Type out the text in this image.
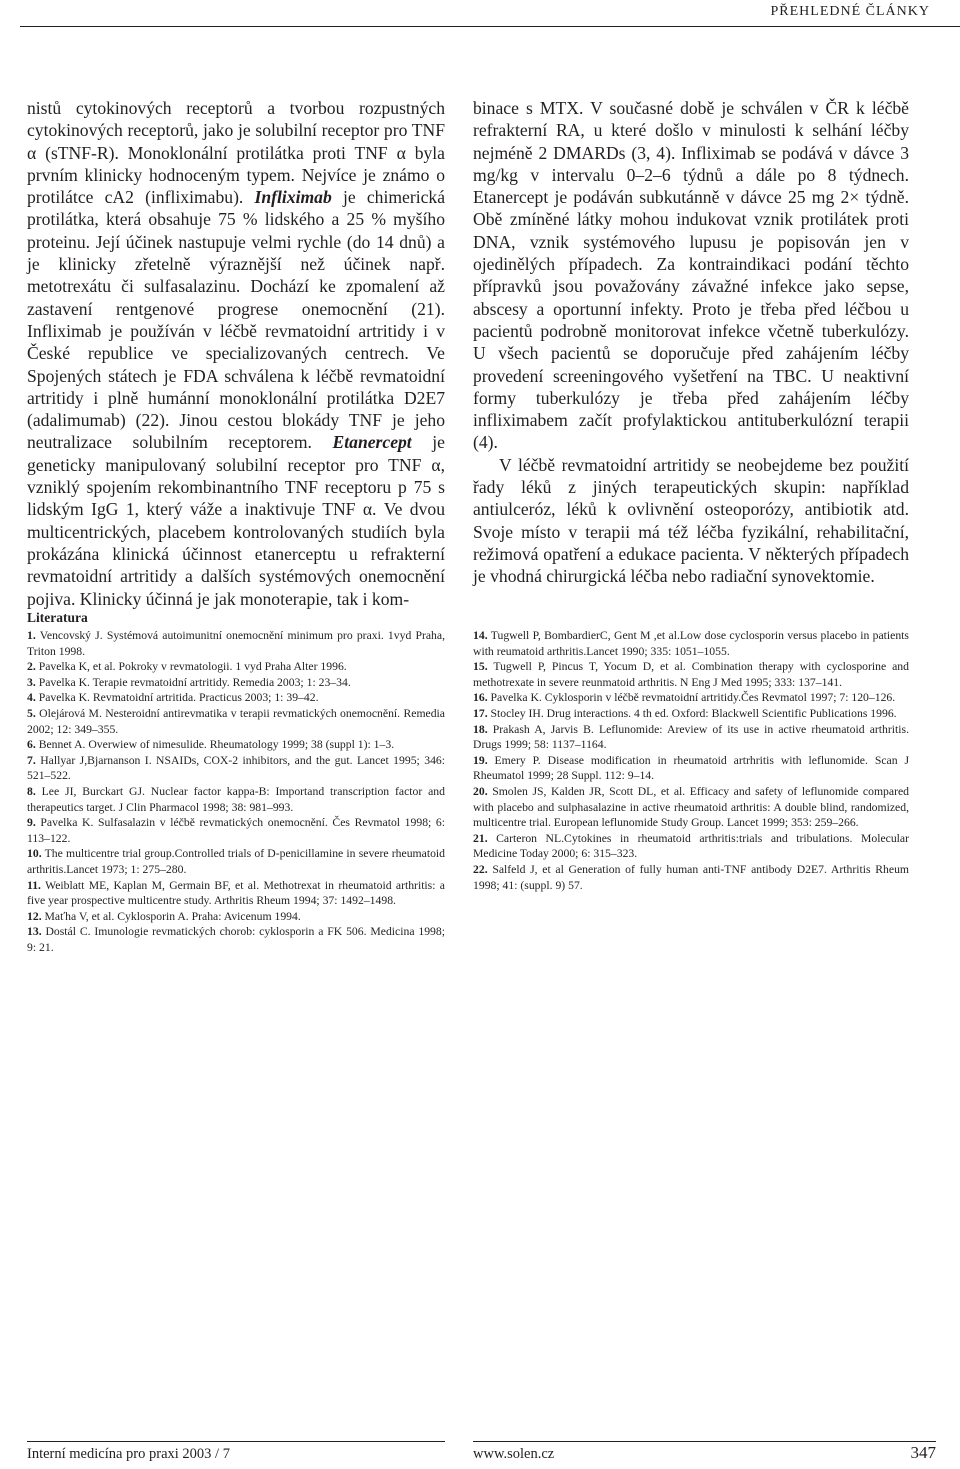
PŘEHLEDNÉ ČLÁNKY

nistů cytokinových receptorů a tvorbou rozpustných cytokinových receptorů, jako je solubilní receptor pro TNF α (sTNF-R). Monoklonální protilátka proti TNF α byla prvním klinicky hodnoceným typem. Nejvíce je známo o protilátce cA2 (infliximabu). Infliximab je chimerická protilátka, která obsahuje 75 % lidského a 25 % myšího proteinu. Její účinek nastupuje velmi rychle (do 14 dnů) a je klinicky zřetelně výraznější než účinek např. metotrexátu či sulfasalazinu. Dochází ke zpomalení až zastavení rentgenové progrese onemocnění (21). Infliximab je používán v léčbě revmatoidní artritidy i v České republice ve specializovaných centrech. Ve Spojených státech je FDA schválena k léčbě revmatoidní artritidy i plně humánní monoklonální protilátka D2E7 (adalimumab) (22). Jinou cestou blokády TNF je jeho neutralizace solubilním receptorem. Etanercept je geneticky manipulovaný solubilní receptor pro TNF α, vzniklý spojením rekombinantního TNF receptoru p 75 s lidským IgG 1, který váže a inaktivuje TNF α. Ve dvou multicentrických, placebem kontrolovaných studiích byla prokázána klinická účinnost etanerceptu u refrakterní revmatoidní artritidy a dalších systémových onemocnění pojiva. Klinicky účinná je jak monoterapie, tak i kom-

binace s MTX. V současné době je schválen v ČR k léčbě refrakterní RA, u které došlo v minulosti k selhání léčby nejméně 2 DMARDs (3, 4). Infliximab se podává v dávce 3 mg/kg v intervalu 0–2–6 týdnů a dále po 8 týdnech. Etanercept je podáván subkutánně v dávce 25 mg 2× týdně. Obě zmíněné látky mohou indukovat vznik protilátek proti DNA, vznik systémového lupusu je popisován jen v ojedinělých případech. Za kontraindikaci podání těchto přípravků jsou považovány závažné infekce jako sepse, abscesy a oportunní infekty. Proto je třeba před léčbou u pacientů podrobně monitorovat infekce včetně tuberkulózy. U všech pacientů se doporučuje před zahájením léčby provedení screeningového vyšetření na TBC. U neaktivní formy tuberkulózy je třeba před zahájením léčby infliximabem začít profylaktickou antituberkulózní terapii (4).

V léčbě revmatoidní artritidy se neobejdeme bez použití řady léků z jiných terapeutických skupin: například antiulceróz, léků k ovlivnění osteoporózy, antibiotik atd. Svoje místo v terapii má též léčba fyzikální, rehabilitační, režimová opatření a edukace pacienta. V některých případech je vhodná chirurgická léčba nebo radiační synovektomie.

Literatura

1. Vencovský J. Systémová autoimunitní onemocnění minimum pro praxi. 1vyd Praha, Triton 1998.

2. Pavelka K, et al. Pokroky v revmatologii. 1 vyd Praha Alter 1996.

3. Pavelka K. Terapie revmatoidní artritidy. Remedia 2003; 1: 23–34.

4. Pavelka K. Revmatoidní artritida. Practicus 2003; 1: 39–42.

5. Olejárová M. Nesteroidní antirevmatika v terapii revmatických onemocnění. Remedia 2002; 12: 349–355.

6. Bennet A. Overwiew of nimesulide. Rheumatology 1999; 38 (suppl 1): 1–3.

7. Hallyar J,Bjarnanson I. NSAIDs, COX-2 inhibitors, and the gut. Lancet 1995; 346: 521–522.

8. Lee JI, Burckart GJ. Nuclear factor kappa-B: Importand transcription factor and therapeutics target. J Clin Pharmacol 1998; 38: 981–993.

9. Pavelka K. Sulfasalazin v léčbě revmatických onemocnění. Čes Revmatol 1998; 6: 113–122.

10. The multicentre trial group.Controlled trials of D-penicillamine in severe rheumatoid arthritis.Lancet 1973; 1: 275–280.

11. Weiblatt ME, Kaplan M, Germain BF, et al. Methotrexat in rheumatoid arthritis: a five year prospective multicentre study. Arthritis Rheum 1994; 37: 1492–1498.

12. Maťha V, et al. Cyklosporin A. Praha: Avicenum 1994.

13. Dostál C. Imunologie revmatických chorob: cyklosporin a FK 506. Medicina 1998; 9: 21.

14. Tugwell P, BombardierC, Gent M ,et al.Low dose cyclosporin versus placebo in patients with reumatoid arthritis.Lancet 1990; 335: 1051–1055.

15. Tugwell P, Pincus T, Yocum D, et al. Combination therapy with cyclosporine and methotrexate in severe reunmatoid arthritis. N Eng J Med 1995; 333: 137–141.

16. Pavelka K. Cyklosporin v léčbě revmatoidní artritidy.Čes Revmatol 1997; 7: 120–126.

17. Stocley IH. Drug interactions. 4 th ed. Oxford: Blackwell Scientific Publications 1996.

18. Prakash A, Jarvis B. Leflunomide: Areview of its use in active rheumatoid arthritis. Drugs 1999; 58: 1137–1164.

19. Emery P. Disease modification in rheumatoid artrhritis with leflunomide. Scan J Rheumatol 1999; 28 Suppl. 112: 9–14.

20. Smolen JS, Kalden JR, Scott DL, et al. Efficacy and safety of leflunomide compared with placebo and sulphasalazine in active rheumatoid arthritis: A double blind, randomized, multicentre trial. European leflunomide Study Group. Lancet 1999; 353: 259–266.

21. Carteron NL.Cytokines in rheumatoid arthritis:trials and tribulations. Molecular Medicine Today 2000; 6: 315–323.

22. Salfeld J, et al Generation of fully human anti-TNF antibody D2E7. Arthritis Rheum 1998; 41: (suppl. 9) 57.

Interní medicína pro praxi 2003 / 7	www.solen.cz	347
